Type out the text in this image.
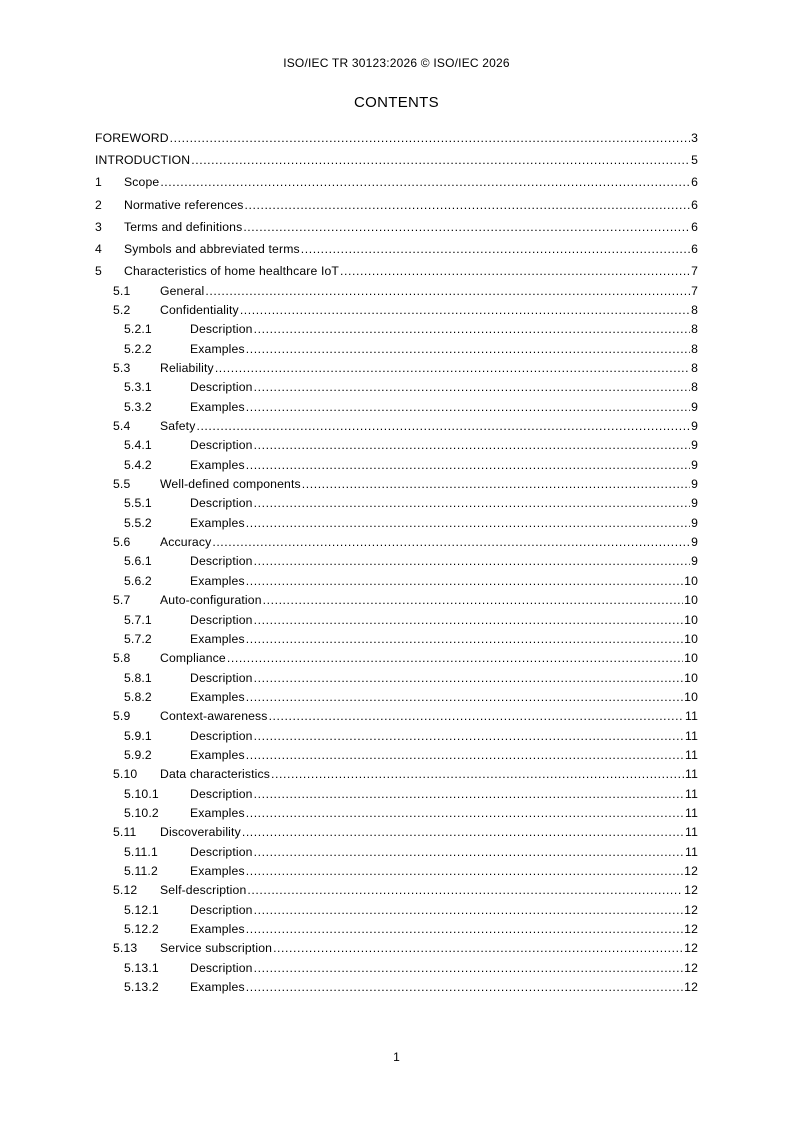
ISO/IEC TR 30123:2026 © ISO/IEC 2026
CONTENTS
FOREWORD .....	3
INTRODUCTION .....	5
1	Scope .....	6
2	Normative references .....	6
3	Terms and definitions .....	6
4	Symbols and abbreviated terms .....	6
5	Characteristics of home healthcare IoT .....	7
5.1	General .....	7
5.2	Confidentiality .....	8
5.2.1	Description .....	8
5.2.2	Examples .....	8
5.3	Reliability .....	8
5.3.1	Description .....	8
5.3.2	Examples .....	9
5.4	Safety .....	9
5.4.1	Description .....	9
5.4.2	Examples .....	9
5.5	Well-defined components .....	9
5.5.1	Description .....	9
5.5.2	Examples .....	9
5.6	Accuracy .....	9
5.6.1	Description .....	9
5.6.2	Examples .....	10
5.7	Auto-configuration .....	10
5.7.1	Description .....	10
5.7.2	Examples .....	10
5.8	Compliance .....	10
5.8.1	Description .....	10
5.8.2	Examples .....	10
5.9	Context-awareness .....	11
5.9.1	Description .....	11
5.9.2	Examples .....	11
5.10	Data characteristics .....	11
5.10.1	Description .....	11
5.10.2	Examples .....	11
5.11	Discoverability .....	11
5.11.1	Description .....	11
5.11.2	Examples .....	12
5.12	Self-description .....	12
5.12.1	Description .....	12
5.12.2	Examples .....	12
5.13	Service subscription .....	12
5.13.1	Description .....	12
5.13.2	Examples .....	12
1
